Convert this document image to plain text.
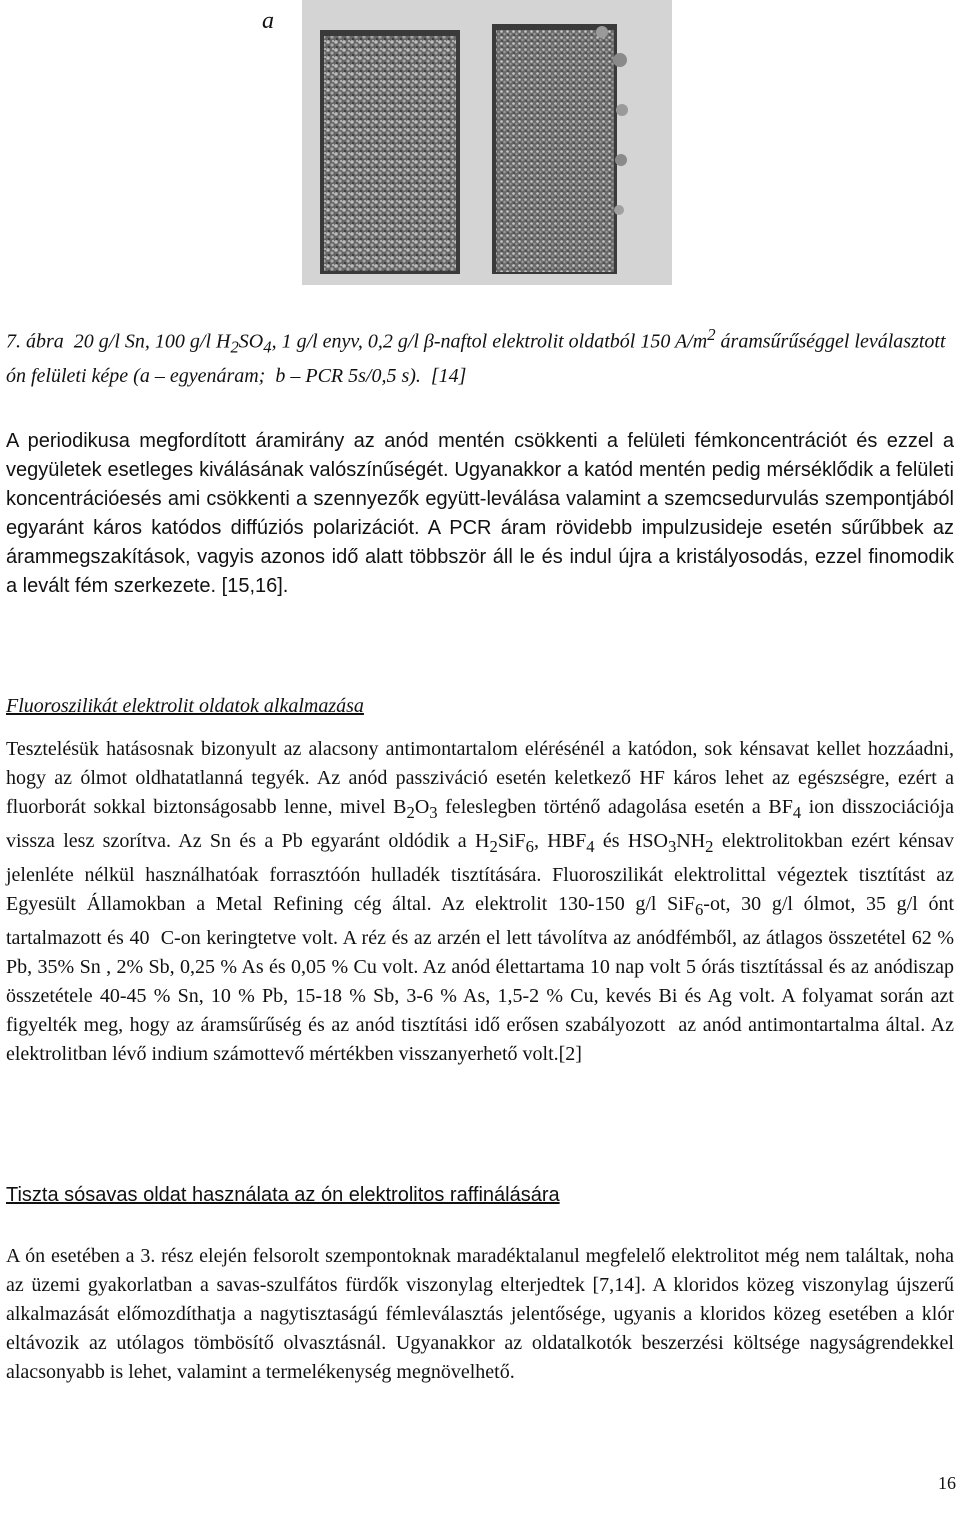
a

7. ábra  20 g/l Sn, 100 g/l $H_2SO_4$, 1 g/l enyv, 0,2 g/l β-naftol elektrolit oldatból 150 $A/m^2$ áramsűrűséggel leválasztott ón felületi képe (a – egyenáram;  b – PCR 5s/0,5 s).  [14]

A periodikusa megfordított áramirány az anód mentén csökkenti a felületi fémkoncentrációt és ezzel a vegyületek esetleges kiválásának valószínűségét. Ugyanakkor a katód mentén pedig mérséklődik a felületi koncentrációesés ami csökkenti a szennyezők együtt-leválása valamint a szemcsedurvulás szempontjából egyaránt káros katódos diffúziós polarizációt. A PCR áram rövidebb impulzusideje esetén sűrűbbek az árammegszakítások, vagyis azonos idő alatt többször áll le és indul újra a kristályosodás, ezzel finomodik a levált fém szerkezete. [15,16].

Fluoroszilikát elektrolit oldatok alkalmazása

Tesztelésük hatásosnak bizonyult az alacsony antimontartalom elérésénél a katódon, sok kénsavat kellet hozzáadni, hogy az ólmot oldhatatlanná tegyék. Az anód passziváció esetén keletkező HF káros lehet az egészségre, ezért a fluorborát sokkal biztonságosabb lenne, mivel $B_2O_3$ feleslegben történő adagolása esetén a $BF_4$ ion disszociációja vissza lesz szorítva. Az Sn és a Pb egyaránt oldódik a $H_2SiF_6$, $HBF_4$ és $HSO_3NH_2$ elektrolitokban ezért kénsav jelenléte nélkül használhatóak forrasztóón hulladék tisztítására. Fluoroszilikát elektrolittal végeztek tisztítást az Egyesült Államokban a Metal Refining cég által. Az elektrolit 130-150 g/l SiF$_6$-ot, 30 g/l ólmot, 35 g/l ónt tartalmazott és 40  C-on keringtetve volt. A réz és az arzén el lett távolítva az anódfémből, az átlagos összetétel 62 % Pb, 35% Sn , 2% Sb, 0,25 % As és 0,05 % Cu volt. Az anód élettartama 10 nap volt 5 órás tisztítással és az anódiszap összetétele 40-45 % Sn, 10 % Pb, 15-18 % Sb, 3-6 % As, 1,5-2 % Cu, kevés Bi és Ag volt. A folyamat során azt figyelték meg, hogy az áramsűrűség és az anód tisztítási idő erősen szabályozott  az anód antimontartalma által. Az elektrolitban lévő indium számottevő mértékben visszanyerhető volt.[2]

Tiszta sósavas oldat használata az ón elektrolitos raffinálására

A ón esetében a 3. rész elején felsorolt szempontoknak maradéktalanul megfelelő elektrolitot még nem találtak, noha az üzemi gyakorlatban a savas-szulfátos fürdők viszonylag elterjedtek [7,14]. A kloridos közeg viszonylag újszerű alkalmazását előmozdíthatja a nagytisztaságú fémleválasztás jelentősége, ugyanis a kloridos közeg esetében a klór eltávozik az utólagos tömbösítő olvasztásnál. Ugyanakkor az oldatalkotók beszerzési költsége nagyságrendekkel alacsonyabb is lehet, valamint a termelékenység megnövelhető.

16
